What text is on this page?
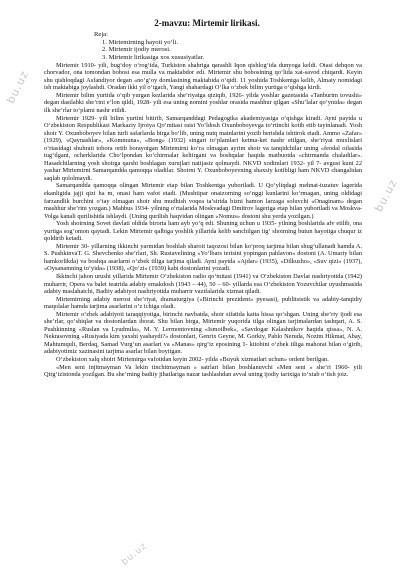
bu.uz
bu.uz
bu.uz
2-mavzu: Mirtemir lirikasi.
Reja:
1. Mirtemirning hayoti yo‘li.
2. Mirtemir ijodiy merosi.
3. Mirtemir lirikasiga xos xususiyatlar.

Mirtemir 1910- yili, bug‘doy o‘rog‘ida, Turkiston shahriga qarashli Iqon qishlog‘ida dunyoga keldi. Otasi dehqon va chorvador, ona tomondan bobosi esa mulla va maktabdor edi. Mirtemir shu bobosining qo‘lida xat-savod chiqardi. Keyin shu qishloqdagi Asfandiyor degan «no‘g‘oy domlasining maktabida o‘qidi. 11 yoshida Toshkentga kelib, Almaiy nomidagi ish maktabiga joylashdi. Oradan ikki yil o‘tgach, Yangi shahardagi O‘lka o‘zbek bilim yurtiga o‘qishga kirdi.

Mirtemir bilim yurtida o‘qib yurgan kezlarida she’riyatga qiziqib, 1926- yilda yoshlar gazetasida «Tanburim tovushi» degan dastlabki she’rini e’lon qildi, 1928- yili esa uning nomini yoshlar orasida mashhur qilgan «Shu’lalar qo‘ynida» degan ilk she’rlar to‘plami nashr etildi.

Mirtemir 1929- yili bilim yurtini bitirib, Samarqanddagi Pedagogika akademiyasiga o‘qishga kiradi. Ayni paytda u O‘zbekiston Respublikasi Markaziy Ijroiya Qo‘mitasi raisi Yo‘ldosh Oxunboboyevga to‘rtinchi kotib etib tayinlanadi. Yosh shoir Y. Oxunboboyev bilan turli safarlarda birga bo‘lib, uning nutq matnlarini yozib berishda ishtirok etadi. Ammo «Zafar» (1929), «Qaynashlar», «Kommuna», «Bong» (1932) singari to‘plamlari ketma-ket nashr etilgan, she’riyat muxlislari o‘rtasidagi shuhrati tobora ortib borayotgan Mirtemirni ko‘ra olmagan ayrim shoir va tanqidchilar uning «feodal oilasida tug‘ilgani, ocherklarida Cho‘lpondan ko‘chirmalar keltirgani va boshqalar haqida matbuotda «chirmanda chaladilar». Hasadchilarning yosh shoirga qarshi boshlagan xurujlari natijasiz qolmaydi. NKVD xodimlari 1932- yil 7- avgust kuni 22 yashar Mirtemirni Samarqandda qamoqqa oladilar. Shoirni Y. Oxunboboyevning shaxsiy kotibligi ham NKVD changalidan saqlab qololmaydi.

Samarqandda qamoqqa olingan Mirtemir etap bilan Toshkentga yuboriladi. U Qo‘yliqdagi mehnat-tuzatuv lagerida ekanligida jajji qizi ha m, onasi ham vafot etadi. (Mushtipar onaizorning so‘nggi kunlarini ko‘rmagan, uning oldidagi farzandlik burchini o‘tay olmagan shoir shu mudhish voqea ta’sirida bizni hamon larzaga soluvchi «Onaginam» degan mashhur she’rini yozgan.) Mahbus 1934- yilning o‘rtalarida Moskvadagi Dmitrov lageriga etap bilan yuboriladi va Moskva- Volga kanali qurilishida ishlaydi. (Uning qurilish haqvidan olingan «Nomus» dostoni shu yerda yozilgan.)

Yosh shoirning Sovet davlati oldida birorta ham ayb yo‘q edi. Shuning uchun u 1935- yilning boshlarida afv etilib, ona yurtiga sog‘omon qaytadi. Lekin Mirtemir qalbiga yoshlik yillarida kelib sanchilgan tig‘ shoirning butun hayotiga chuqur iz qoldirib ketadi.

Mirtemir 30- yillarning ikkinchi yarmidan boshlab sharoit taqozosi bilan ko‘proq tarjima bilan shug‘ullanadi hamda A. S. PushkinvaT. G. Shevchenko she’rlari, Sh. Rustavelining «Yo‘lbars terisini yopingan pahlavon» dostoni (A. Umariy bilan hamkorlikda) va boshqa asarlarni o‘zbek tiliga tarjima qiladi. Ayni paytda «Ajdar» (1935), «Dilkusho», «Suv qizi» (1937), «Oysanamning to‘yida» (1938), «Qo‘zi» (1939) kabi dostonlarini yozadi.

Ikkinchi jahon urushi yillarida Mirtemir O‘zbekiston radio qo‘mitasi (1941) va O‘zbekiston Davlat nashriyotida (1942) muharrir, Opera va balet teatrida adabiy emakdosh (1943 – 44), 50 – 60- yillarda esa O‘zbekiston Yozuvchilar uyushmasida adabiy maslahatchi, Badiiy adabiyot nashriyotida muharrir vazifalarida xizmat qiladi.

Mirtemirning adabiy merosi she’riyat, dramaturgiya («Birinchi prezident» pyesasi), publitsistik va adabiy-tanqidiy maqolalar hamda tarjima asarlarini o‘z ichiga oladi.

Mirtemir o‘zbek adabiyoti taraqqiyotiga, birinchi navbatda, shoir sifatida katta hissa qo‘shgan. Uning she’riy ijodi esa she’rlar, qo‘shiqlar va dostonlardan iborat. Shu bilan birga, Mirtemir yuqorida tilga olingan tarjimalardan tashqari, A. S. Pushkinning «Ruslan va Lyudmila», M. Y. Lermontovning «Ismoilbek», «Savdogar Kalashnikov haqida qissa», N. A. Nekrasovning «Rusiyada kim yaxshi yashaydi?» dostonlari, Genrix Geyne, M. Gorkiy, Pablo Neruda, Nozim Hikmat, Abay, Mahtumquli, Berdaq, Samad Vurg‘un asarlari va «Manas» qirg‘iz eposining 1- kitobini o‘zbek tiliga mahorat bilan o‘girib, adabiyotimiz xazinasini tarjima asarlar bilan boyitgan.

O‘zbekiston xalq shoiri Mirtemirga vafotidan keyin 2002- yilda «Buyuk xizmatlari uchun» ordeni berilgan.

«Men seni injitmayman Va lekin tinchitmayman » satrlari bilan boshlanuvchi «Men seni » she’ri 1960- yili Qirg‘izistonda yozilgan. Bu she’rning badiiy jihatlariga nazar tashlashdan avval uning ijodiy tarixiga to‘xtab o‘tish joiz.
